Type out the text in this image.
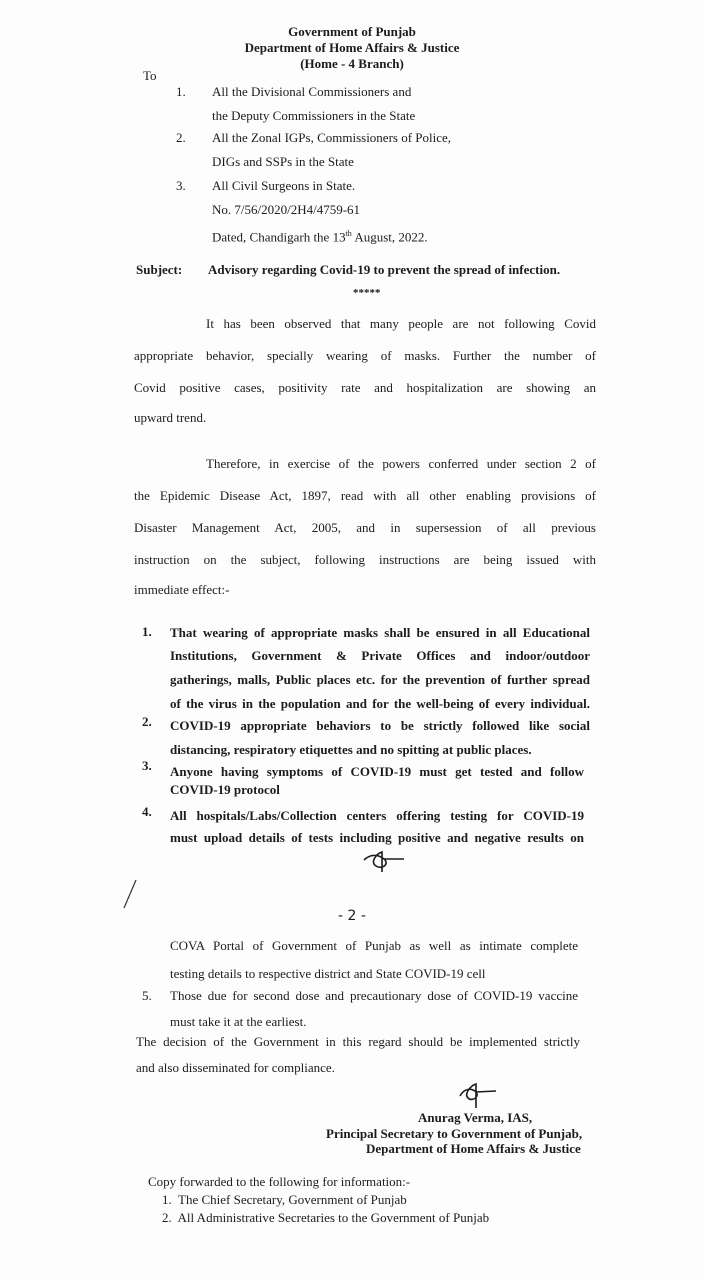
Government of Punjab
Department of Home Affairs & Justice
(Home - 4 Branch)
To
1. All the Divisional Commissioners and
the Deputy Commissioners in the State
2. All the Zonal IGPs, Commissioners of Police,
DIGs and SSPs in the State
3. All Civil Surgeons in State.
No. 7/56/2020/2H4/4759-61
Dated, Chandigarh the 13th August, 2022.
Subject: Advisory regarding Covid-19 to prevent the spread of infection.
*****
It has been observed that many people are not following Covid
appropriate behavior, specially wearing of masks. Further the number of
Covid positive cases, positivity rate and hospitalization are showing an
upward trend.
Therefore, in exercise of the powers conferred under section 2 of
the Epidemic Disease Act, 1897, read with all other enabling provisions of
Disaster Management Act, 2005, and in supersession of all previous
instruction on the subject, following instructions are being issued with
immediate effect:-
1. That wearing of appropriate masks shall be ensured in all Educational
Institutions, Government & Private Offices and indoor/outdoor
gatherings, malls, Public places etc. for the prevention of further spread
of the virus in the population and for the well-being of every individual.
2. COVID-19 appropriate behaviors to be strictly followed like social
distancing, respiratory etiquettes and no spitting at public places.
3. Anyone having symptoms of COVID-19 must get tested and follow
COVID-19 protocol
4. All hospitals/Labs/Collection centers offering testing for COVID-19
must upload details of tests including positive and negative results on
- 2 -
COVA Portal of Government of Punjab as well as intimate complete
testing details to respective district and State COVID-19 cell
5. Those due for second dose and precautionary dose of COVID-19 vaccine
must take it at the earliest.
The decision of the Government in this regard should be implemented strictly
and also disseminated for compliance.
Anurag Verma, IAS,
Principal Secretary to Government of Punjab,
Department of Home Affairs & Justice
Copy forwarded to the following for information:-
1.  The Chief Secretary, Government of Punjab
2.  All Administrative Secretaries to the Government of Punjab
